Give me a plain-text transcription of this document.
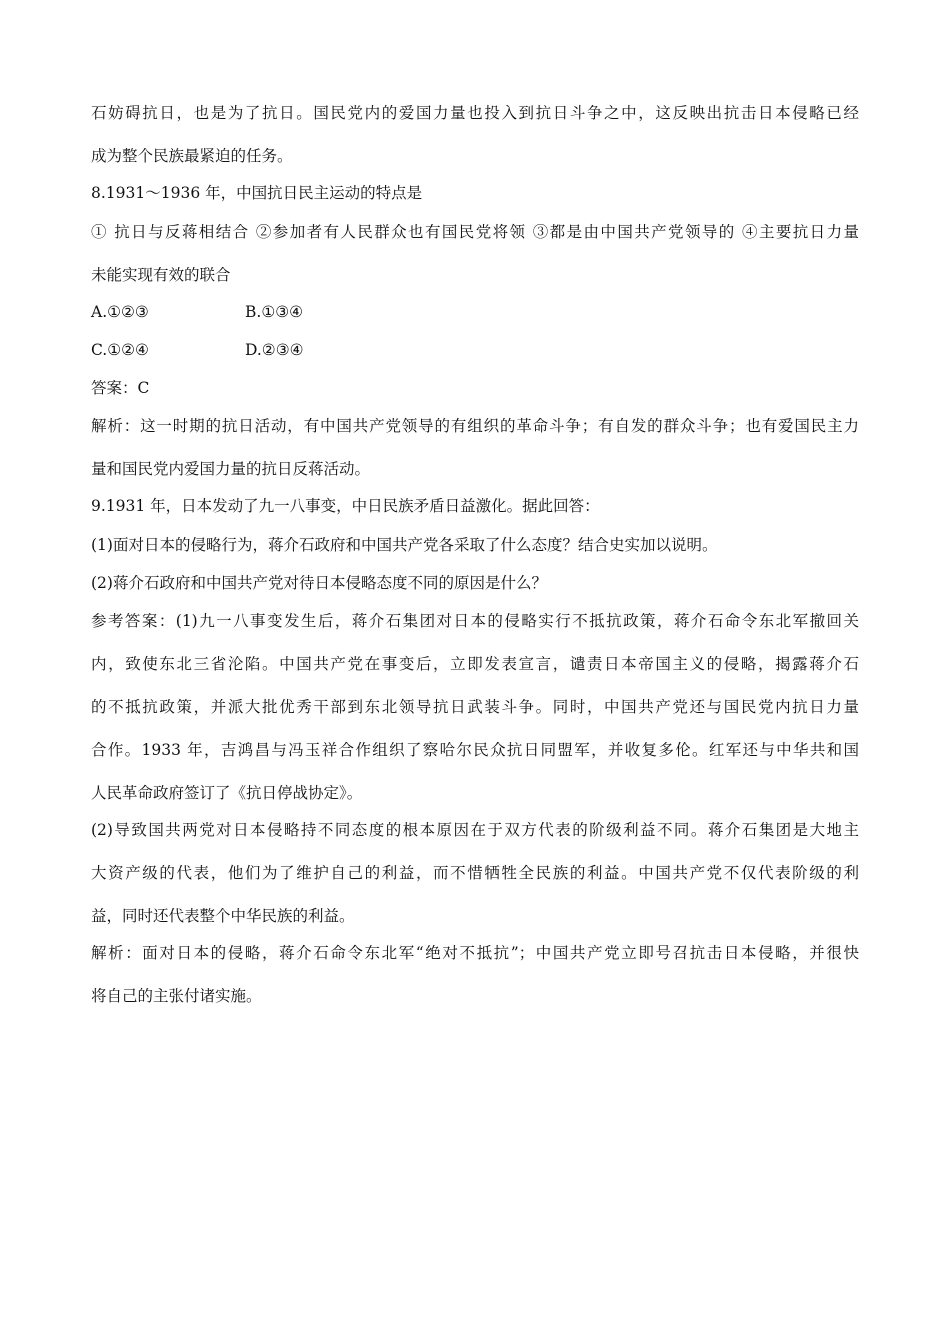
石妨碍抗日，也是为了抗日。国民党内的爱国力量也投入到抗日斗争之中，这反映出抗击日本侵略已经
成为整个民族最紧迫的任务。
8.1931～1936 年，中国抗日民主运动的特点是
① 抗日与反蒋相结合 ②参加者有人民群众也有国民党将领 ③都是由中国共产党领导的 ④主要抗日力量
未能实现有效的联合
A.①②③	B.①③④
C.①②④	D.②③④
答案：C
解析：这一时期的抗日活动，有中国共产党领导的有组织的革命斗争；有自发的群众斗争；也有爱国民主力
量和国民党内爱国力量的抗日反蒋活动。
9.1931 年，日本发动了九一八事变，中日民族矛盾日益激化。据此回答：
(1)面对日本的侵略行为，蒋介石政府和中国共产党各采取了什么态度？结合史实加以说明。
(2)蒋介石政府和中国共产党对待日本侵略态度不同的原因是什么？
参考答案：(1)九一八事变发生后，蒋介石集团对日本的侵略实行不抵抗政策，蒋介石命令东北军撤回关
内，致使东北三省沦陷。中国共产党在事变后，立即发表宣言，谴责日本帝国主义的侵略，揭露蒋介石
的不抵抗政策，并派大批优秀干部到东北领导抗日武装斗争。同时，中国共产党还与国民党内抗日力量
合作。1933 年，吉鸿昌与冯玉祥合作组织了察哈尔民众抗日同盟军，并收复多伦。红军还与中华共和国
人民革命政府签订了《抗日停战协定》。
(2)导致国共两党对日本侵略持不同态度的根本原因在于双方代表的阶级利益不同。蒋介石集团是大地主
大资产级的代表，他们为了维护自己的利益，而不惜牺牲全民族的利益。中国共产党不仅代表阶级的利
益，同时还代表整个中华民族的利益。
解析：面对日本的侵略，蒋介石命令东北军“绝对不抵抗”；中国共产党立即号召抗击日本侵略，并很快
将自己的主张付诸实施。
